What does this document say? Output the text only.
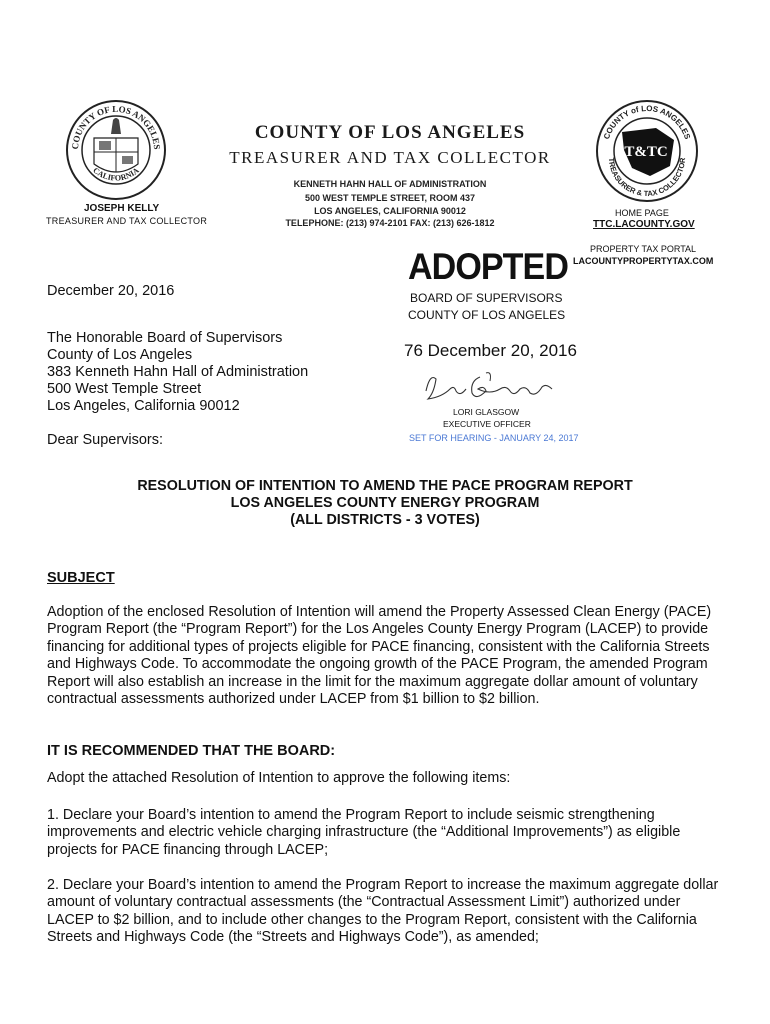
COUNTY OF LOS ANGELES
CALIFORNIA
COUNTY of LOS ANGELES
TREASURER & TAX COLLECTOR
T&TC
COUNTY OF LOS ANGELES
TREASURER AND TAX COLLECTOR
KENNETH HAHN HALL OF ADMINISTRATION
500 WEST TEMPLE STREET, ROOM 437
LOS ANGELES, CALIFORNIA 90012
TELEPHONE: (213) 974-2101 FAX: (213) 626-1812
JOSEPH KELLY
TREASURER AND TAX COLLECTOR
HOME PAGE
TTC.LACOUNTY.GOV
PROPERTY TAX PORTAL
LACOUNTYPROPERTYTAX.COM
ADOPTED
BOARD OF SUPERVISORS
COUNTY OF LOS ANGELES
76 December 20, 2016
LORI GLASGOW
EXECUTIVE OFFICER
SET FOR HEARING - JANUARY 24, 2017
December 20, 2016
The Honorable Board of Supervisors
County of Los Angeles
383 Kenneth Hahn Hall of Administration
500 West Temple Street
Los Angeles, California 90012
Dear Supervisors:
RESOLUTION OF INTENTION TO AMEND THE PACE PROGRAM REPORT
LOS ANGELES COUNTY ENERGY PROGRAM
(ALL DISTRICTS - 3 VOTES)
SUBJECT
Adoption of the enclosed Resolution of Intention will amend the Property Assessed Clean Energy (PACE) Program Report (the “Program Report”) for the Los Angeles County Energy Program (LACEP) to provide financing for additional types of projects eligible for PACE financing, consistent with the California Streets and Highways Code. To accommodate the ongoing growth of the PACE Program, the amended Program Report will also establish an increase in the limit for the maximum aggregate dollar amount of voluntary contractual assessments authorized under LACEP from $1 billion to $2 billion.
IT IS RECOMMENDED THAT THE BOARD:
Adopt the attached Resolution of Intention to approve the following items:
1. Declare your Board’s intention to amend the Program Report to include seismic strengthening improvements and electric vehicle charging infrastructure (the “Additional Improvements”) as eligible projects for PACE financing through LACEP;
2. Declare your Board’s intention to amend the Program Report to increase the maximum aggregate dollar amount of voluntary contractual assessments (the “Contractual Assessment Limit”) authorized under LACEP to $2 billion, and to include other changes to the Program Report, consistent with the California Streets and Highways Code (the “Streets and Highways Code”), as amended;
